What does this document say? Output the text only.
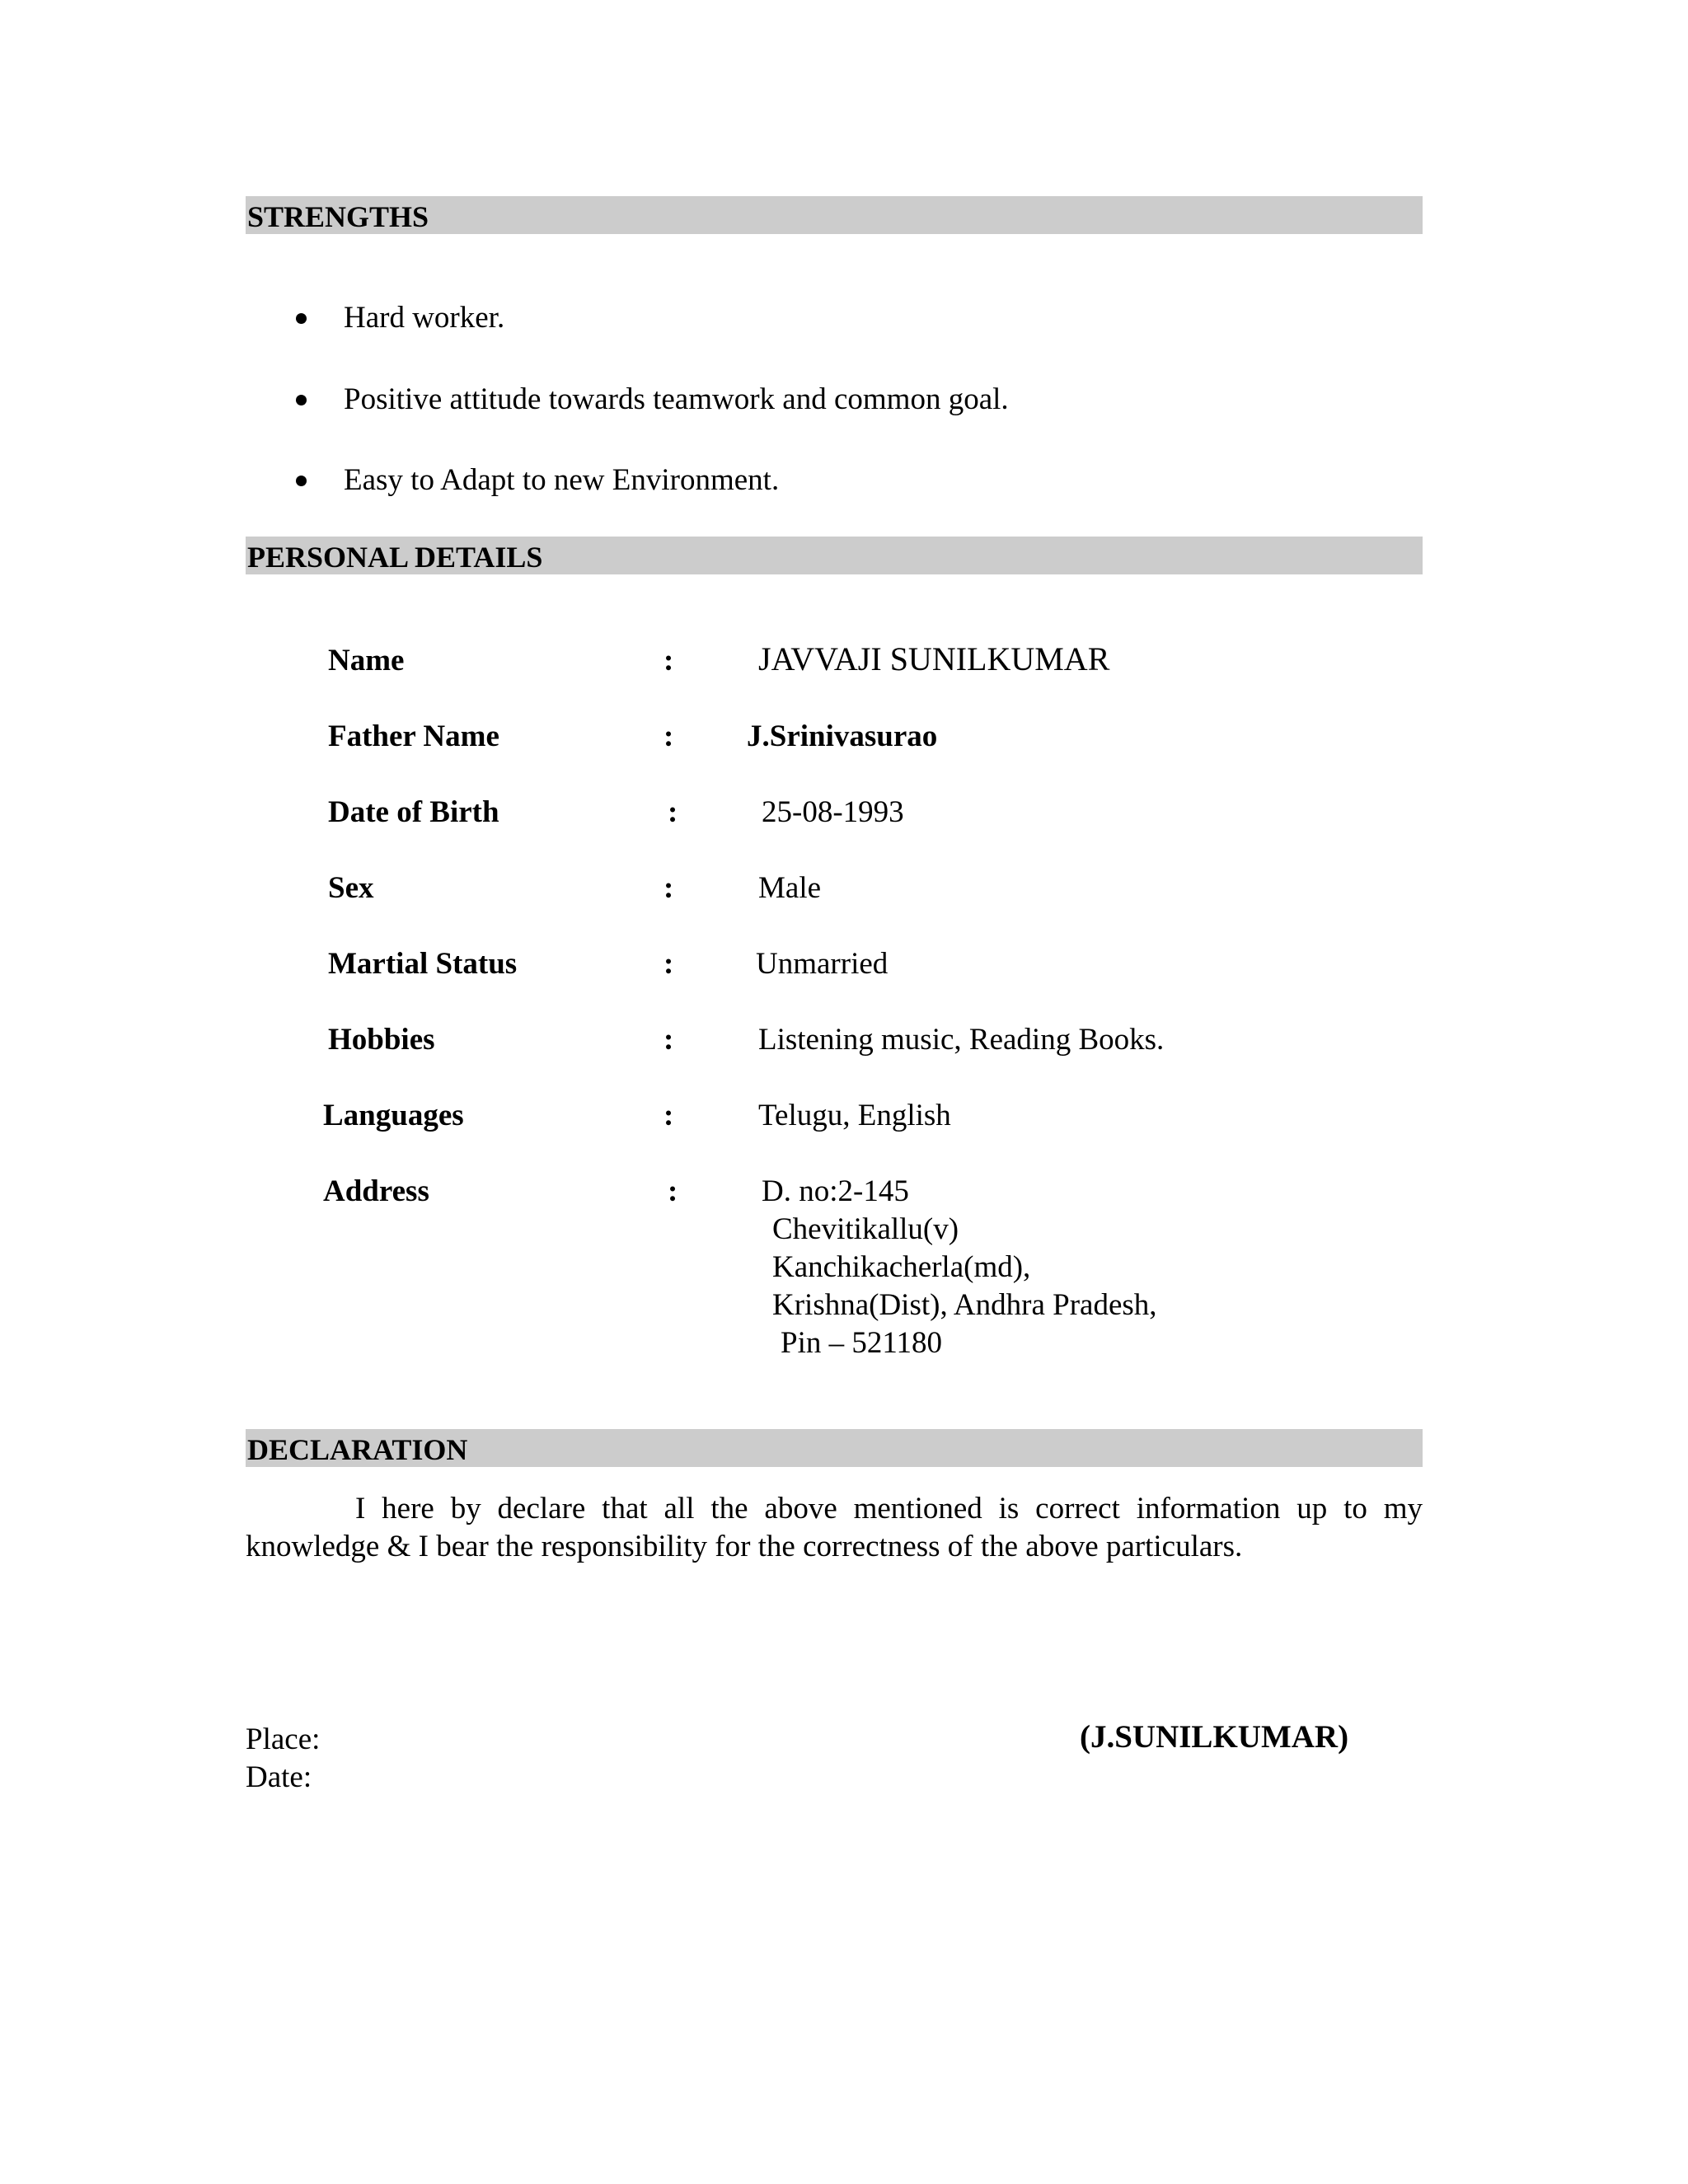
STRENGTHS
Hard worker.
Positive attitude towards teamwork and common goal.
Easy to Adapt to new Environment.
PERSONAL DETAILS
Name	:	JAVVAJI SUNILKUMAR
Father Name	: J.Srinivasurao
Date of Birth	:	25-08-1993
Sex	:	Male
Martial Status	:	Unmarried
Hobbies	:	Listening music, Reading Books.
Languages	:	Telugu, English
Address	:	D. no:2-145
Chevitikallu(v)
Kanchikacherla(md),
Krishna(Dist), Andhra Pradesh,
Pin – 521180
DECLARATION

I here by declare that all the above mentioned is correct information up to my knowledge & I bear the responsibility for the correctness of the above particulars.

Place:
Date:
(J.SUNILKUMAR)
